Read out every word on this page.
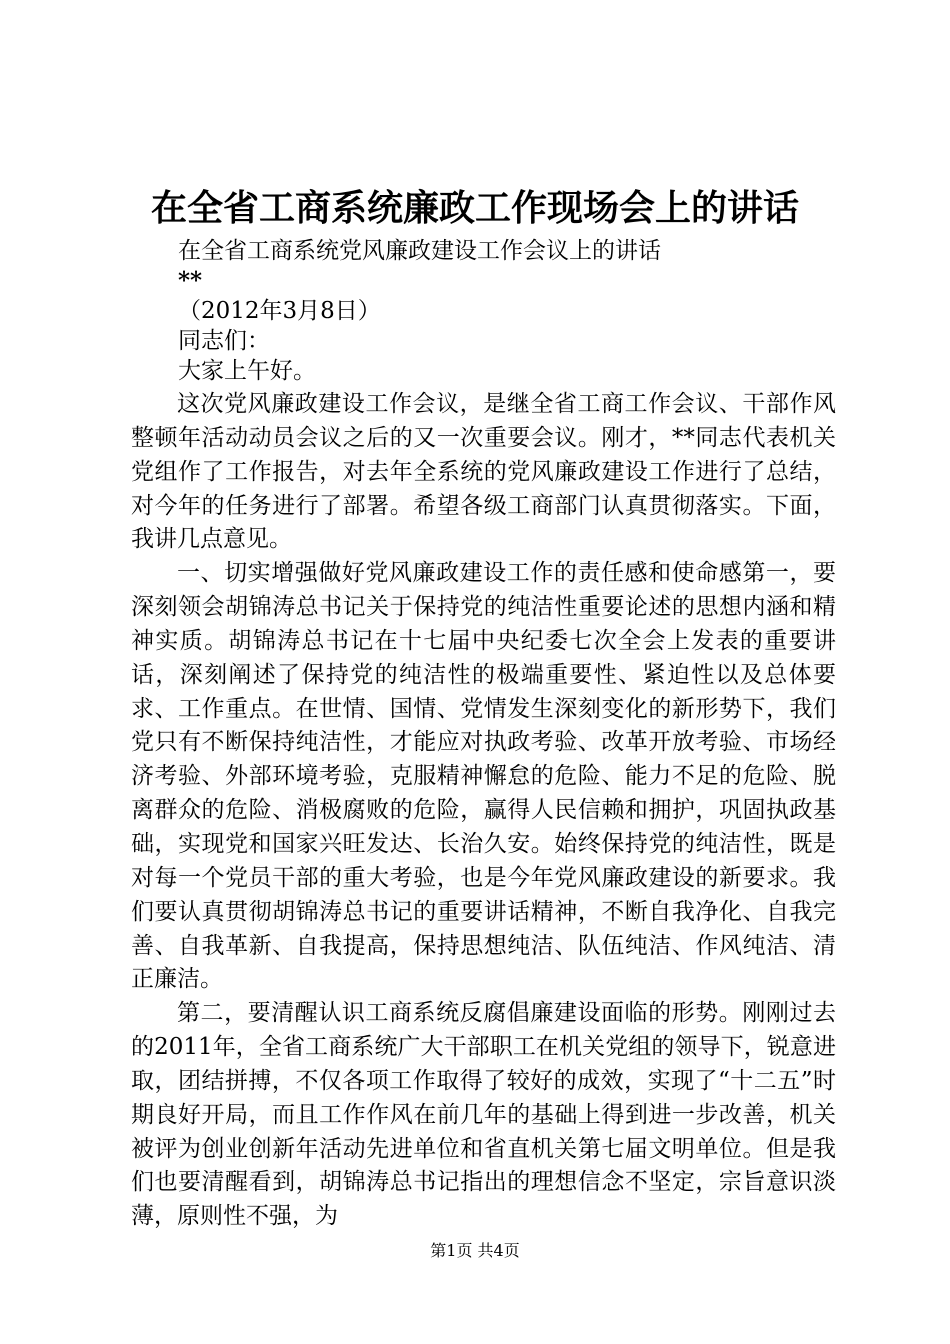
在全省工商系统廉政工作现场会上的讲话
在全省工商系统党风廉政建设工作会议上的讲话
**
（2012年3月8日）
同志们：
大家上午好。

这次党风廉政建设工作会议，是继全省工商工作会议、干部作风整顿年活动动员会议之后的又一次重要会议。刚才，**同志代表机关党组作了工作报告，对去年全系统的党风廉政建设工作进行了总结，对今年的任务进行了部署。希望各级工商部门认真贯彻落实。下面，我讲几点意见。

一、切实增强做好党风廉政建设工作的责任感和使命感第一，要深刻领会胡锦涛总书记关于保持党的纯洁性重要论述的思想内涵和精神实质。胡锦涛总书记在十七届中央纪委七次全会上发表的重要讲话，深刻阐述了保持党的纯洁性的极端重要性、紧迫性以及总体要求、工作重点。在世情、国情、党情发生深刻变化的新形势下，我们党只有不断保持纯洁性，才能应对执政考验、改革开放考验、市场经济考验、外部环境考验，克服精神懈怠的危险、能力不足的危险、脱离群众的危险、消极腐败的危险，赢得人民信赖和拥护，巩固执政基础，实现党和国家兴旺发达、长治久安。始终保持党的纯洁性，既是对每一个党员干部的重大考验，也是今年党风廉政建设的新要求。我们要认真贯彻胡锦涛总书记的重要讲话精神，不断自我净化、自我完善、自我革新、自我提高，保持思想纯洁、队伍纯洁、作风纯洁、清正廉洁。

第二，要清醒认识工商系统反腐倡廉建设面临的形势。刚刚过去的2011年，全省工商系统广大干部职工在机关党组的领导下，锐意进取，团结拼搏，不仅各项工作取得了较好的成效，实现了“十二五”时期良好开局，而且工作作风在前几年的基础上得到进一步改善，机关被评为创业创新年活动先进单位和省直机关第七届文明单位。但是我们也要清醒看到，胡锦涛总书记指出的理想信念不坚定，宗旨意识淡薄，原则性不强，为

第1页 共4页
